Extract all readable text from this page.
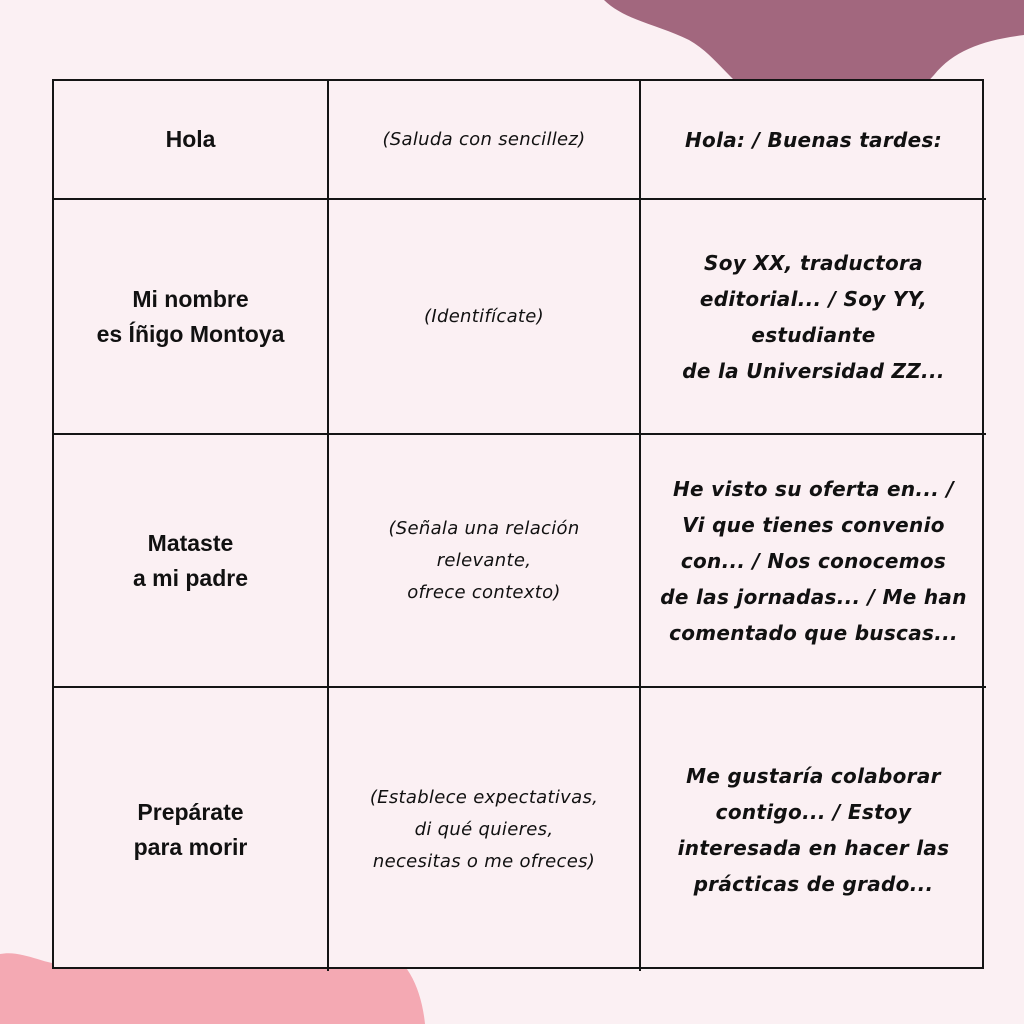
Hola	(Saluda con sencillez)	Hola: / Buenas tardes:
Mi nombre
es Íñigo Montoya
(Identifícate)
Soy XX, traductora
editorial... / Soy YY,
estudiante
de la Universidad ZZ...
Mataste
a mi padre
(Señala una relación
relevante,
ofrece contexto)
He visto su oferta en... /
Vi que tienes convenio
con... / Nos conocemos
de las jornadas... / Me han
comentado que buscas...
Prepárate
para morir
(Establece expectativas,
di qué quieres,
necesitas o me ofreces)
Me gustaría colaborar
contigo... / Estoy
interesada en hacer las
prácticas de grado...
